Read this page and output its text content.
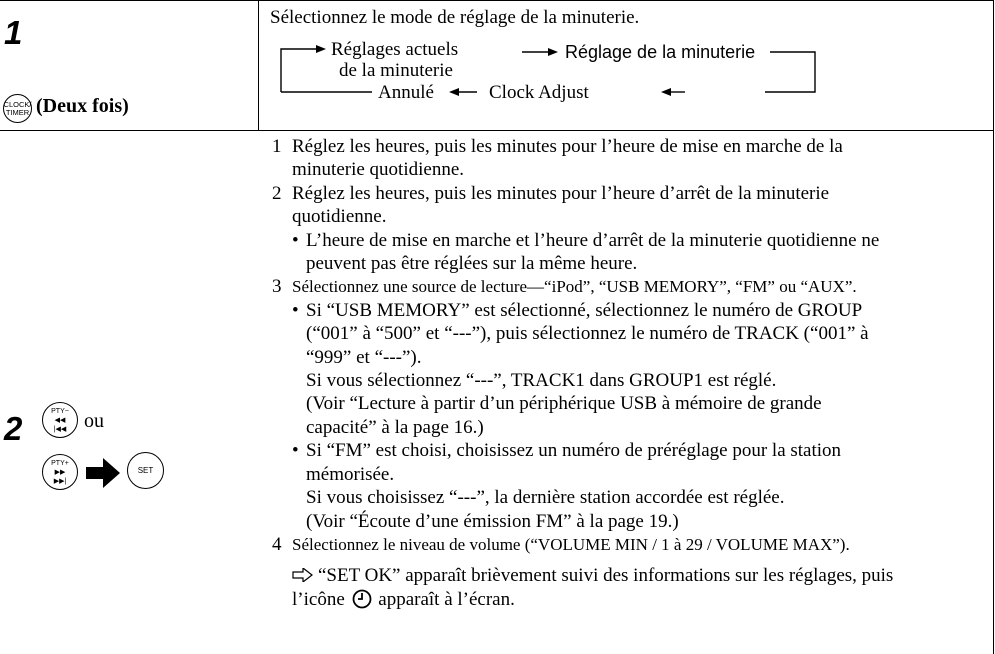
1
CLOCK/
TIMER (Deux fois)
Sélectionnez le mode de réglage de la minuterie.
Réglages actuels
de la minuterie
Réglage de la minuterie
Annulé	Clock Adjust
2	PTY−
◀◀
|◀◀ ou
PTY+
▶▶
▶▶|
SET
1 Réglez les heures, puis les minutes pour l’heure de mise en marche de la
minuterie quotidienne.
2 Réglez les heures, puis les minutes pour l’heure d’arrêt de la minuterie
quotidienne.
• L’heure de mise en marche et l’heure d’arrêt de la minuterie quotidienne ne
peuvent pas être réglées sur la même heure.
3 Sélectionnez une source de lecture—“iPod”, “USB MEMORY”, “FM” ou “AUX”.
• Si “USB MEMORY” est sélectionné, sélectionnez le numéro de GROUP
(“001” à “500” et “---”), puis sélectionnez le numéro de TRACK (“001” à
“999” et “---”).
Si vous sélectionnez “---”, TRACK1 dans GROUP1 est réglé.
(Voir “Lecture à partir d’un périphérique USB à mémoire de grande
capacité” à la page 16.)
• Si “FM” est choisi, choisissez un numéro de préréglage pour la station
mémorisée.
Si vous choisissez “---”, la dernière station accordée est réglée.
(Voir “Écoute d’une émission FM” à la page 19.)
4 Sélectionnez le niveau de volume (“VOLUME MIN / 1 à 29 / VOLUME MAX”).
“SET OK” apparaît brièvement suivi des informations sur les réglages, puis
l’icône apparaît à l’écran.
